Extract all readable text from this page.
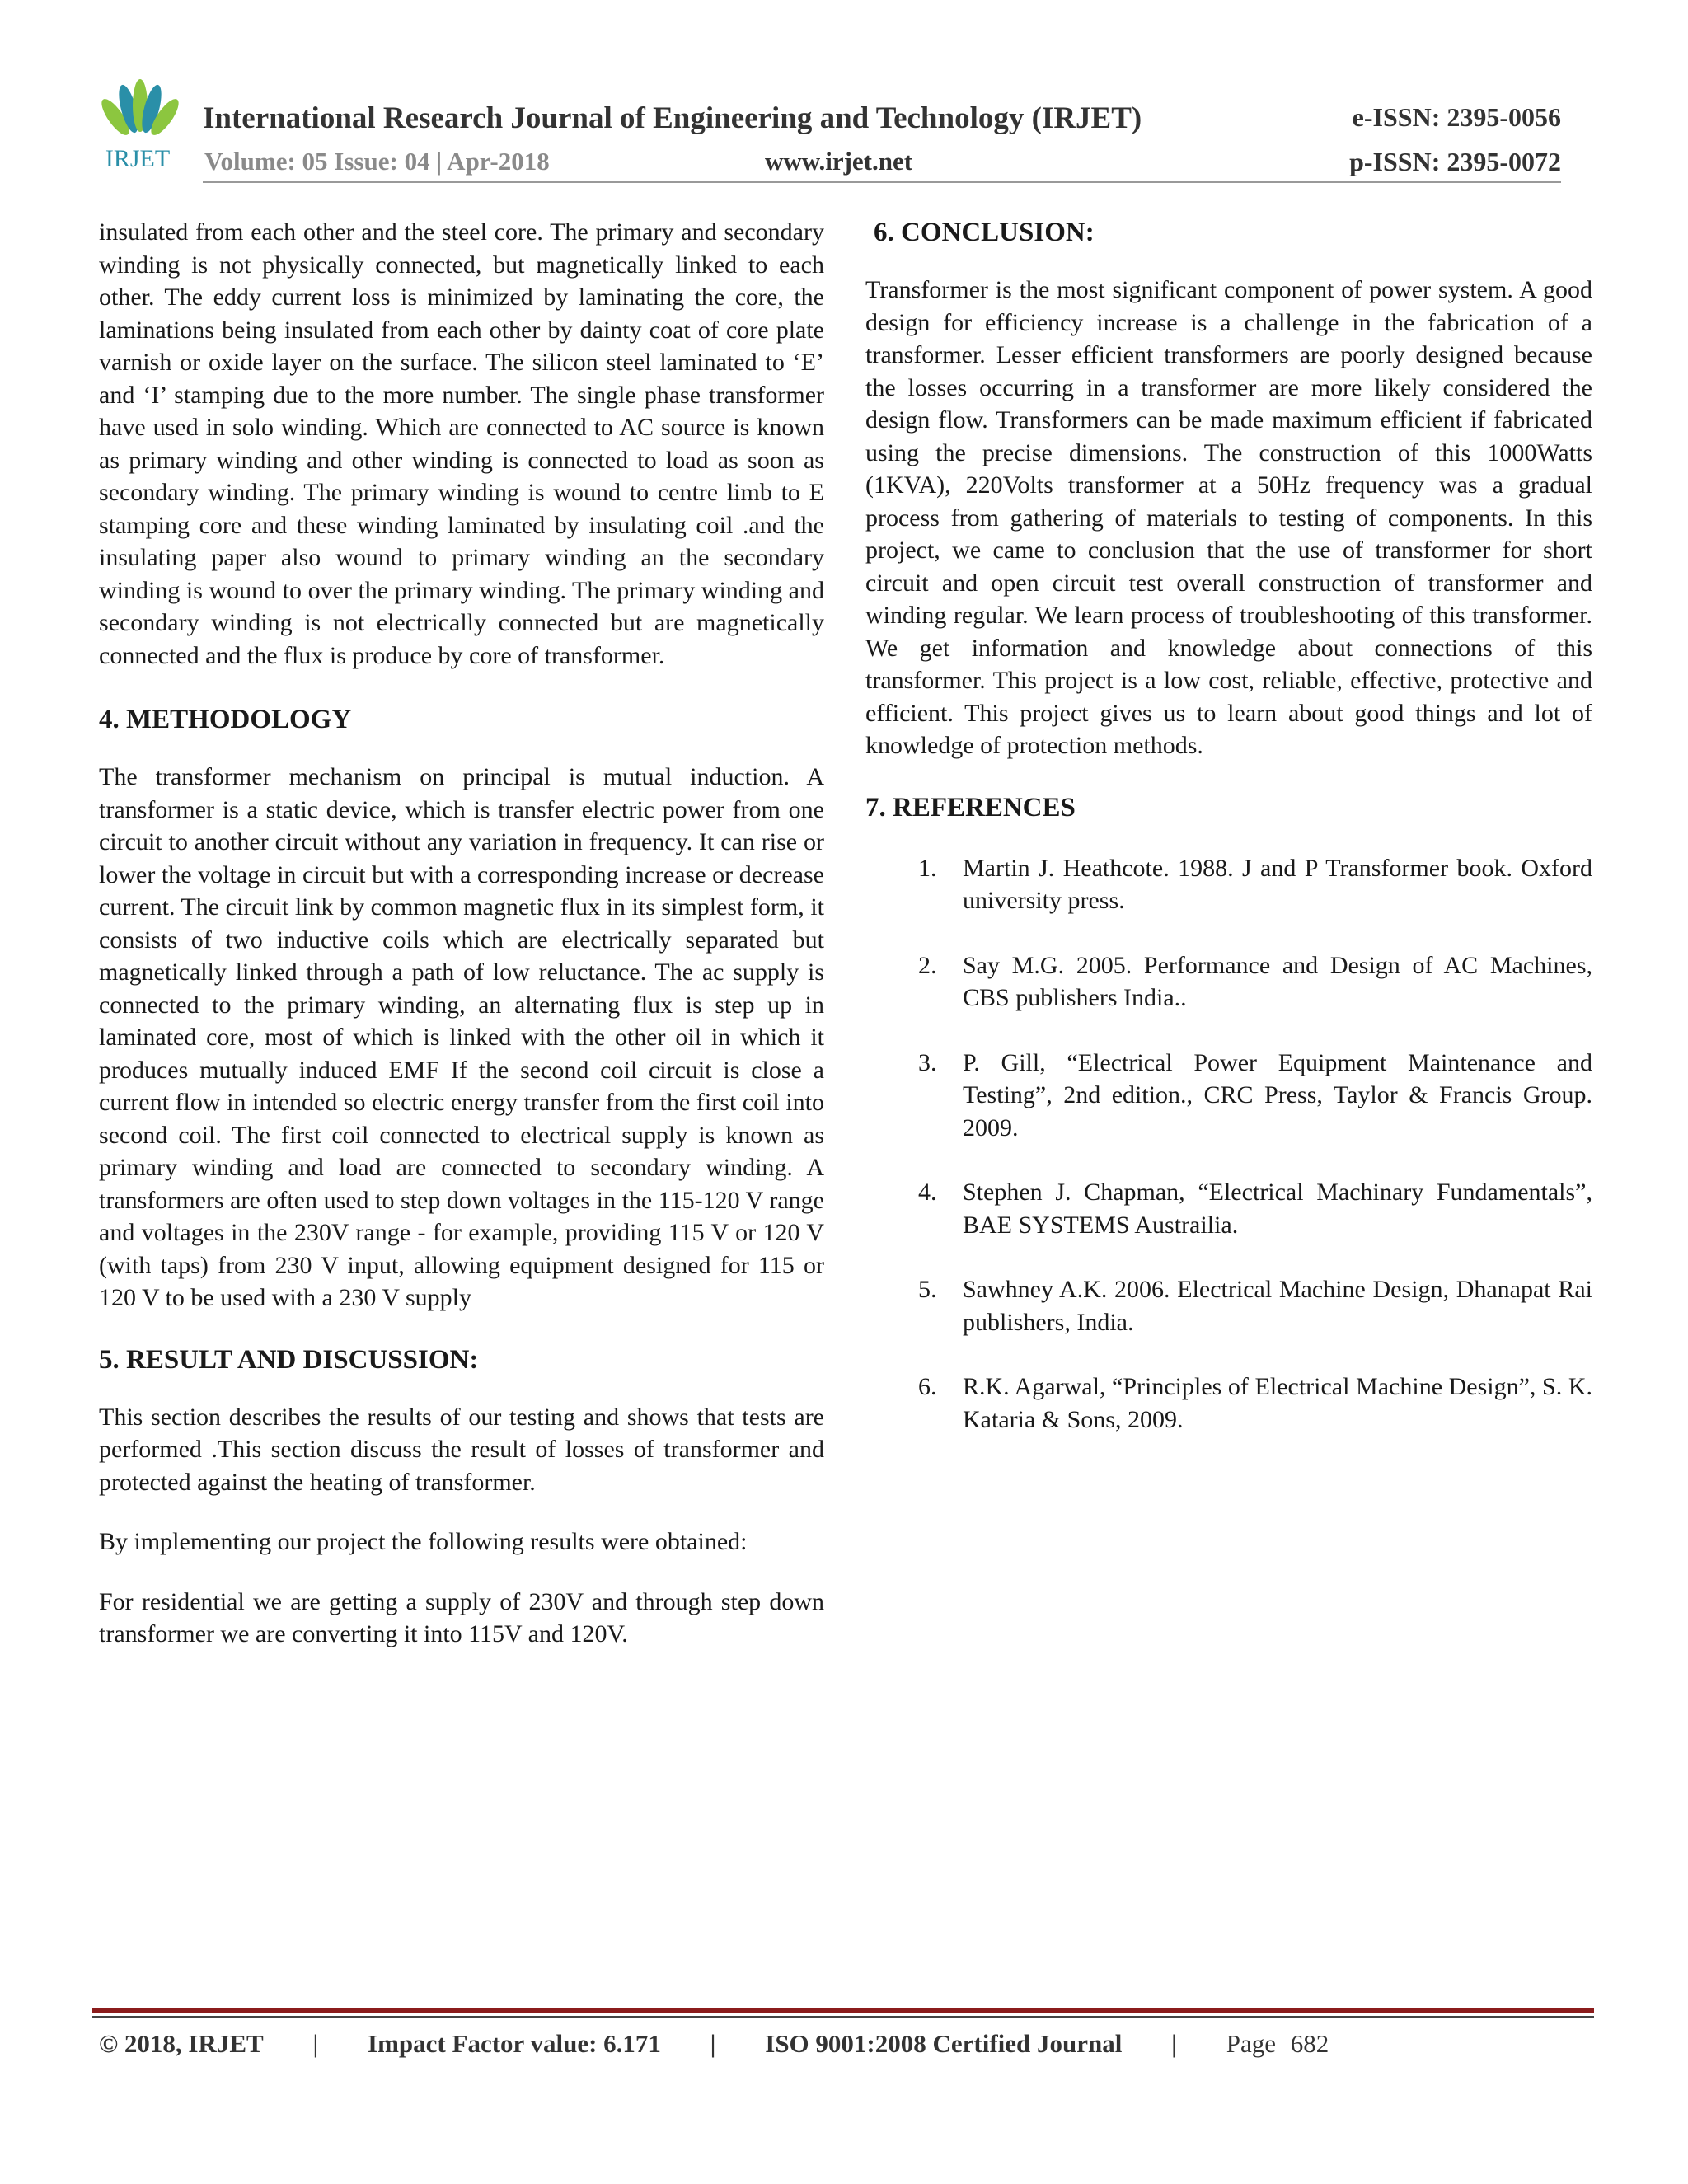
IRJET
International Research Journal of Engineering and Technology (IRJET)
Volume: 05 Issue: 04 | Apr-2018	www.irjet.net
e-ISSN: 2395-0056
p-ISSN: 2395-0072

insulated from each other and the steel core. The primary and secondary winding is not physically connected, but magnetically linked to each other. The eddy current loss is minimized by laminating the core, the laminations being insulated from each other by dainty coat of core plate varnish or oxide layer on the surface. The silicon steel laminated to ‘E’ and ‘I’ stamping due to the more number. The single phase transformer have used in solo winding. Which are connected to AC source is known as primary winding and other winding is connected to load as soon as secondary winding. The primary winding is wound to centre limb to E stamping core and these winding laminated by insulating coil .and the insulating paper also wound to primary winding an the secondary winding is wound to over the primary winding. The primary winding and secondary winding is not electrically connected but are magnetically connected and the flux is produce by core of transformer.

4. METHODOLOGY

The transformer mechanism on principal is mutual induction. A transformer is a static device, which is transfer electric power from one circuit to another circuit without any variation in frequency. It can rise or lower the voltage in circuit but with a corresponding increase or decrease current. The circuit link by common magnetic flux in its simplest form, it consists of two inductive coils which are electrically separated but magnetically linked through a path of low reluctance. The ac supply is connected to the primary winding, an alternating flux is step up in laminated core, most of which is linked with the other oil in which it produces mutually induced EMF If the second coil circuit is close a current flow in intended so electric energy transfer from the first coil into second coil. The first coil connected to electrical supply is known as primary winding and load are connected to secondary winding. A transformers are often used to step down voltages in the 115-120 V range and voltages in the 230V range - for example, providing 115 V or 120 V (with taps) from 230 V input, allowing equipment designed for 115 or 120 V to be used with a 230 V supply

5. RESULT AND DISCUSSION:

This section describes the results of our testing and shows that tests are performed .This section discuss the result of losses of transformer and protected against the heating of transformer.

By implementing our project the following results were obtained:

For residential we are getting a supply of 230V and through step down transformer we are converting it into 115V and 120V.

6. CONCLUSION:

Transformer is the most significant component of power system. A good design for efficiency increase is a challenge in the fabrication of a transformer. Lesser efficient transformers are poorly designed because the losses occurring in a transformer are more likely considered the design flow. Transformers can be made maximum efficient if fabricated using the precise dimensions. The construction of this 1000Watts (1KVA), 220Volts transformer at a 50Hz frequency was a gradual process from gathering of materials to testing of components. In this project, we came to conclusion that the use of transformer for short circuit and open circuit test overall construction of transformer and winding regular. We learn process of troubleshooting of this transformer. We get information and knowledge about connections of this transformer. This project is a low cost, reliable, effective, protective and efficient. This project gives us to learn about good things and lot of knowledge of protection methods.

7. REFERENCES
1. Martin J. Heathcote. 1988. J and P Transformer book. Oxford university press.
2. Say M.G. 2005. Performance and Design of AC Machines, CBS publishers India..
3. P. Gill, “Electrical Power Equipment Maintenance and Testing”, 2nd edition., CRC Press, Taylor & Francis Group. 2009.
4. Stephen J. Chapman, “Electrical Machinary Fundamentals”, BAE SYSTEMS Austrailia.
5. Sawhney A.K. 2006. Electrical Machine Design, Dhanapat Rai publishers, India.
6. R.K. Agarwal, “Principles of Electrical Machine Design”, S. K. Kataria & Sons, 2009.
© 2018, IRJET | Impact Factor value: 6.171 | ISO 9001:2008 Certified Journal | Page 682
